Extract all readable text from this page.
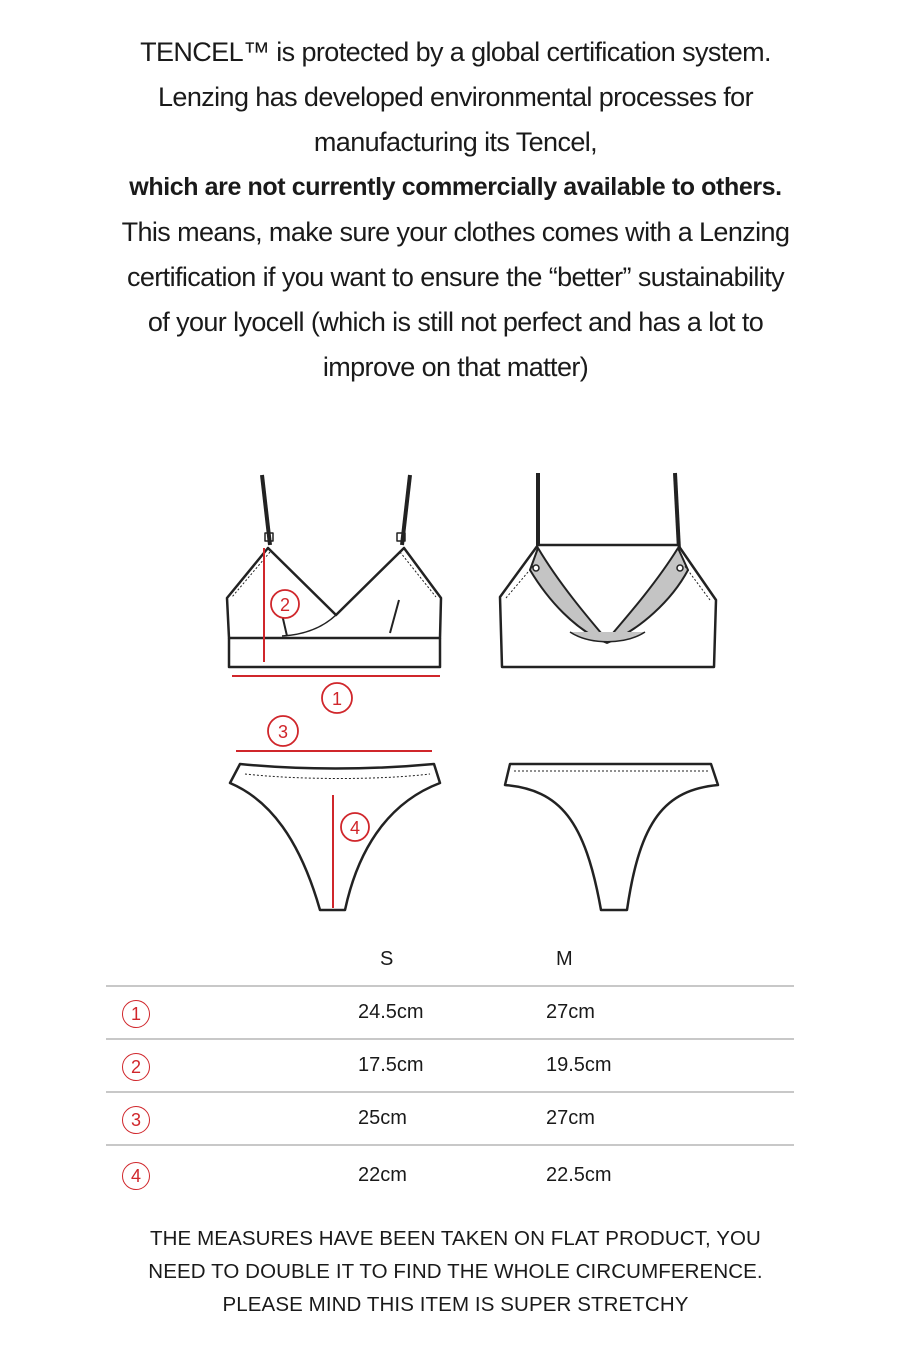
TENCEL™ is protected by a global certification system.
Lenzing has developed environmental processes for
manufacturing its Tencel,
which are not currently commercially available to others.
This means, make sure your clothes comes with a Lenzing
certification if you want to ensure the “better” sustainability
of your lyocell (which is still not perfect and has a lot to
improve on that matter)
2
1
3
4
S	M
1	24.5cm	27cm
2	17.5cm	19.5cm
3	25cm	27cm
4	22cm	22.5cm
THE MEASURES HAVE BEEN TAKEN ON FLAT PRODUCT, YOU
NEED TO DOUBLE IT TO FIND THE WHOLE CIRCUMFERENCE.
PLEASE MIND THIS ITEM IS SUPER STRETCHY
